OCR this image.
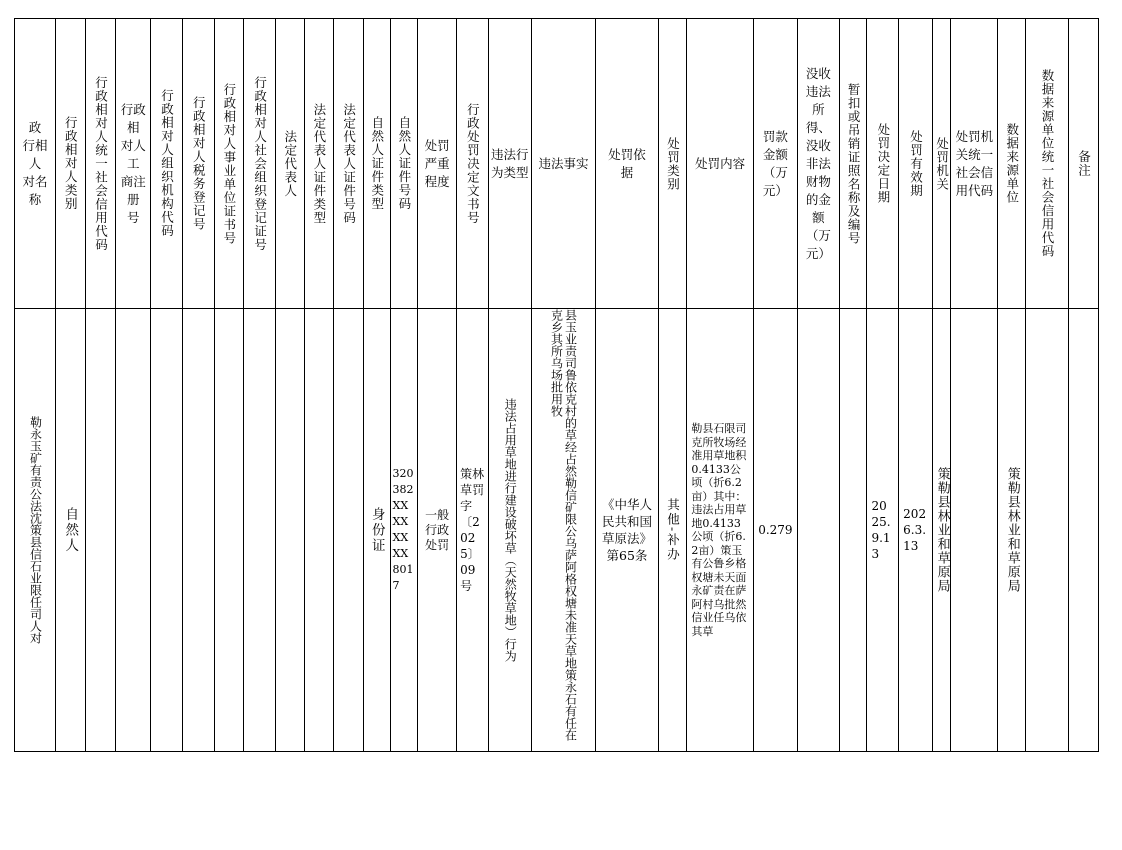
政
行相人
对名
称	行政相对人类别	行政相对人统一社会信用代码	行政相
对人工
商注册
号	行政相对人组织机构代码	行政相对人税务登记号	行政相对人事业单位证书号	行政相对人社会组织登记证号	法定代表人	法定代表人证件类型	法定代表人证件号码	自然人证件类型	自然人证件号码	处罚
严重
程度	行政处罚决定文书号	违法行为类型	违法事实	处罚依
据	处罚类别	处罚内容	罚款
金额
（万
元）	没收违法所得、没收非法财物的金额（万元）	暂扣或吊销证照名称及编号	处罚决定日期	处罚有效期	处罚机关	处罚机
关统一
社会信
用代码	数据来源单位	数据来源单位统一社会信用代码	备注

勒永玉矿有责公法沈策县信石业限任司人对	自然人										身份证	320382XXXXXXXX8017	一般行政处罚	策林草罚字〔2025〕09号	违法占用草地进行建设破坏草（天然牧草地）行为	县玉业责司鲁依克村的草经占然勒信矿限公乌萨阿格权塘未准天草地策永石有任在克乡其所乌场批用牧	《中华人民共和国草原法》第65条	其他-补办	勒县石限司克所牧场经准用草地积0.4133公顷（折6.2亩）其中：违法占用草地0.4133公顷（折6.2亩）策玉有公鲁乡格权塘未天面永矿责在萨阿村乌批然信业任乌依其草	0.279			2025.9.13	2026.3.13	策勒县林业和草原局		策勒县林业和草原局		
